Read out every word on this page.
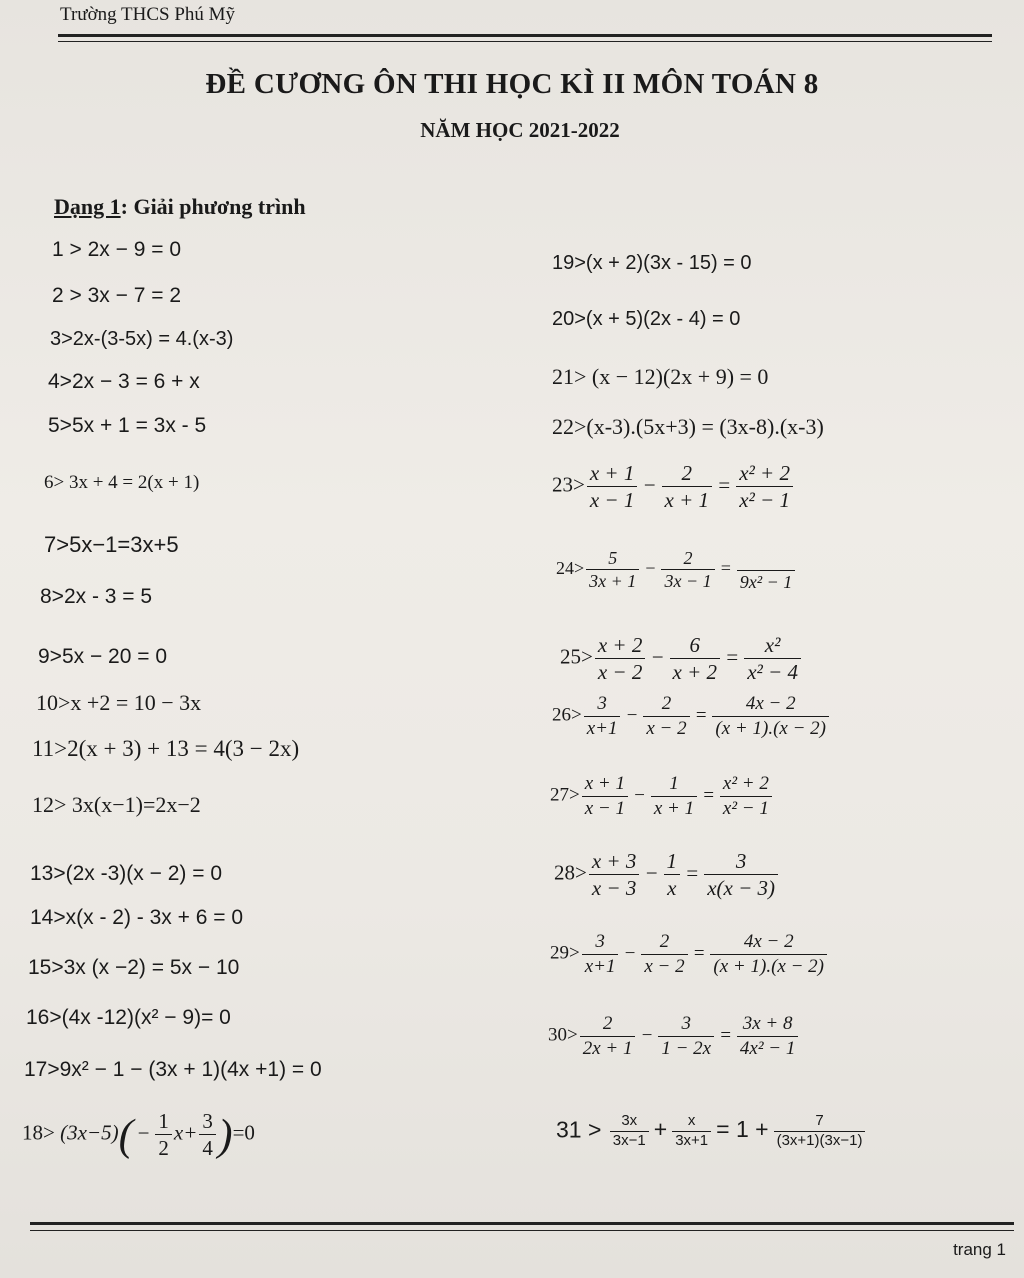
Trường THCS Phú Mỹ
ĐỀ CƯƠNG ÔN THI HỌC KÌ II MÔN TOÁN 8
NĂM HỌC 2021-2022
Dạng 1: Giải phương trình
1 > 2x − 9 = 0
2 > 3x − 7 = 2
3>2x-(3-5x) = 4.(x-3)
4>2x − 3 = 6 + x
5>5x + 1 = 3x - 5
6> 3x + 4 = 2(x + 1)
7>5x−1=3x+5
8>2x - 3 = 5
9>5x − 20 = 0
10>x +2 = 10 − 3x
11>2(x + 3) + 13 = 4(3 − 2x)
12> 3x(x−1)=2x−2
13>(2x -3)(x − 2) = 0
14>x(x - 2) - 3x + 6 = 0
15>3x (x −2) = 5x − 10
16>(4x -12)(x² − 9)= 0
17>9x² − 1 − (3x + 1)(4x +1) = 0
$18> (3x-5)( - \frac{1}{2} x+ \frac{3}{4} )=0$
19>(x + 2)(3x - 15) = 0
20>(x + 5)(2x - 4) = 0
21> (x − 12)(2x + 9) = 0
22>(x-3).(5x+3) = (3x-8).(x-3)
$23> \frac{x + 1}{x - 1} - \frac{2}{x + 1} = \frac{\text{x² + 2}}{\text{x² − 1}}$
$24> \frac{5}{3x + 1} - \frac{2}{3x - 1}$ =
9x² − 1
$25> \frac{x + 2}{x - 2} - \frac{6}{x + 2} = \frac{\text{x²}}{\text{x² − 4}}$
$26> \frac{3}{x+1} - \frac{2}{x - 2} = \frac{4x - 2}{(x + 1).(x - 2)}$
$27> \frac{x + 1}{x - 1} - \frac{1}{x + 1} = \frac{\text{x² + 2}}{\text{x² − 1}}$
$28> \frac{x + 3}{x - 3} - \frac{1}{x} = \frac{3}{x(x - 3)}$
$29> \frac{3}{x+1} - \frac{2}{x - 2} = \frac{4x - 2}{(x + 1).(x - 2)}$
$30> \frac{2}{2x + 1} - \frac{3}{1 - 2x} = \frac{3x + 8}{\text{4x² − 1}}$
$31 > \frac{3x}{3x-1} + \frac{x}{3x+1} = 1 + \frac{7}{(3x+1)(3x-1)}$
trang 1
